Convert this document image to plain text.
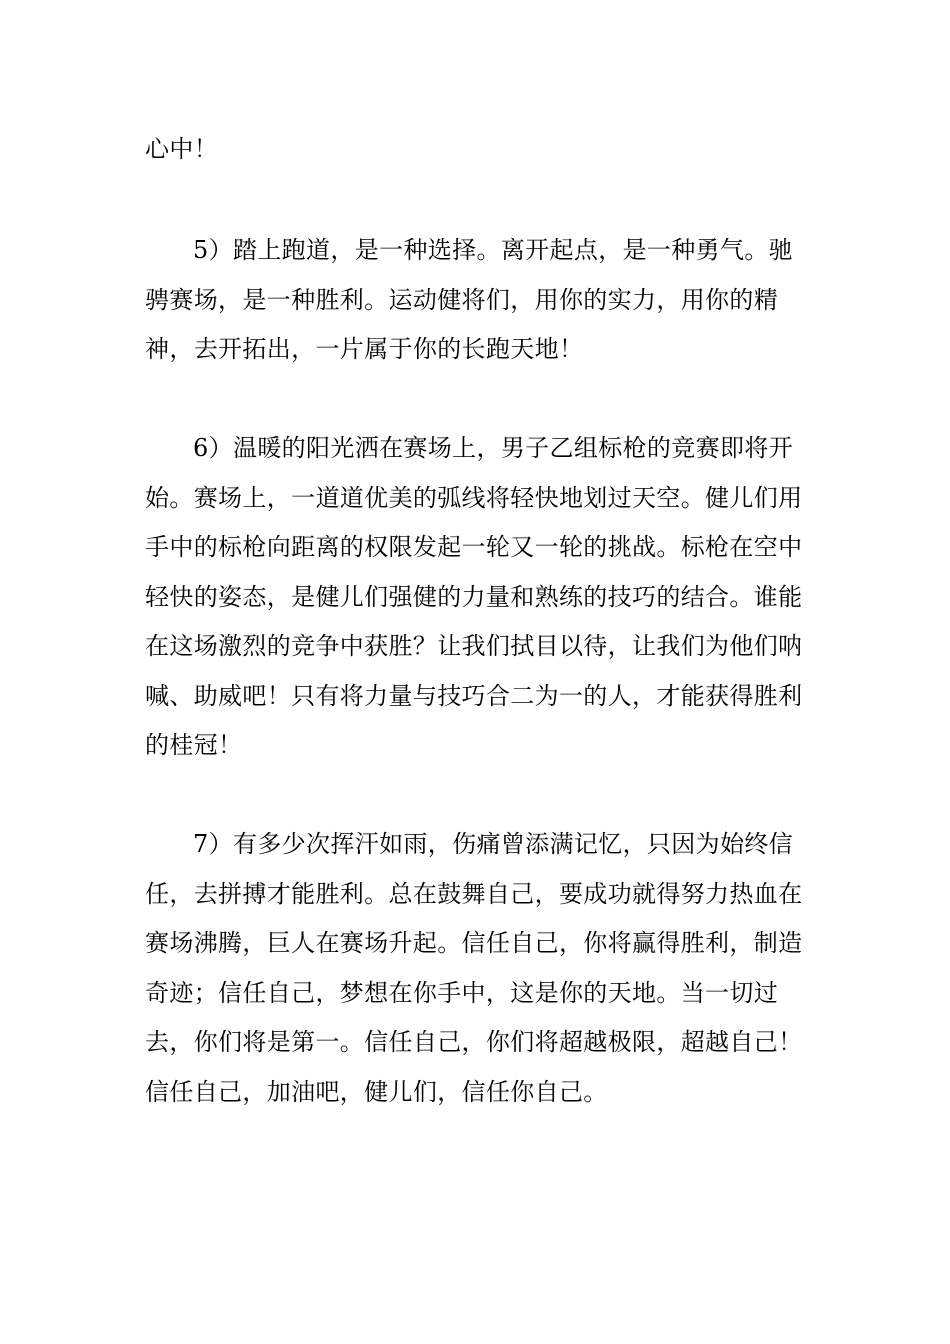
心中！

5）踏上跑道，是一种选择。离开起点，是一种勇气。驰骋赛场，是一种胜利。运动健将们，用你的实力，用你的精神，去开拓出，一片属于你的长跑天地！

6）温暖的阳光洒在赛场上，男子乙组标枪的竞赛即将开始。赛场上，一道道优美的弧线将轻快地划过天空。健儿们用手中的标枪向距离的权限发起一轮又一轮的挑战。标枪在空中轻快的姿态，是健儿们强健的力量和熟练的技巧的结合。谁能在这场激烈的竞争中获胜？让我们拭目以待，让我们为他们呐喊、助威吧！只有将力量与技巧合二为一的人，才能获得胜利的桂冠！

7）有多少次挥汗如雨，伤痛曾添满记忆，只因为始终信任，去拼搏才能胜利。总在鼓舞自己，要成功就得努力热血在赛场沸腾，巨人在赛场升起。信任自己，你将赢得胜利，制造奇迹；信任自己，梦想在你手中，这是你的天地。当一切过去，你们将是第一。信任自己，你们将超越极限，超越自己！信任自己，加油吧，健儿们，信任你自己。
